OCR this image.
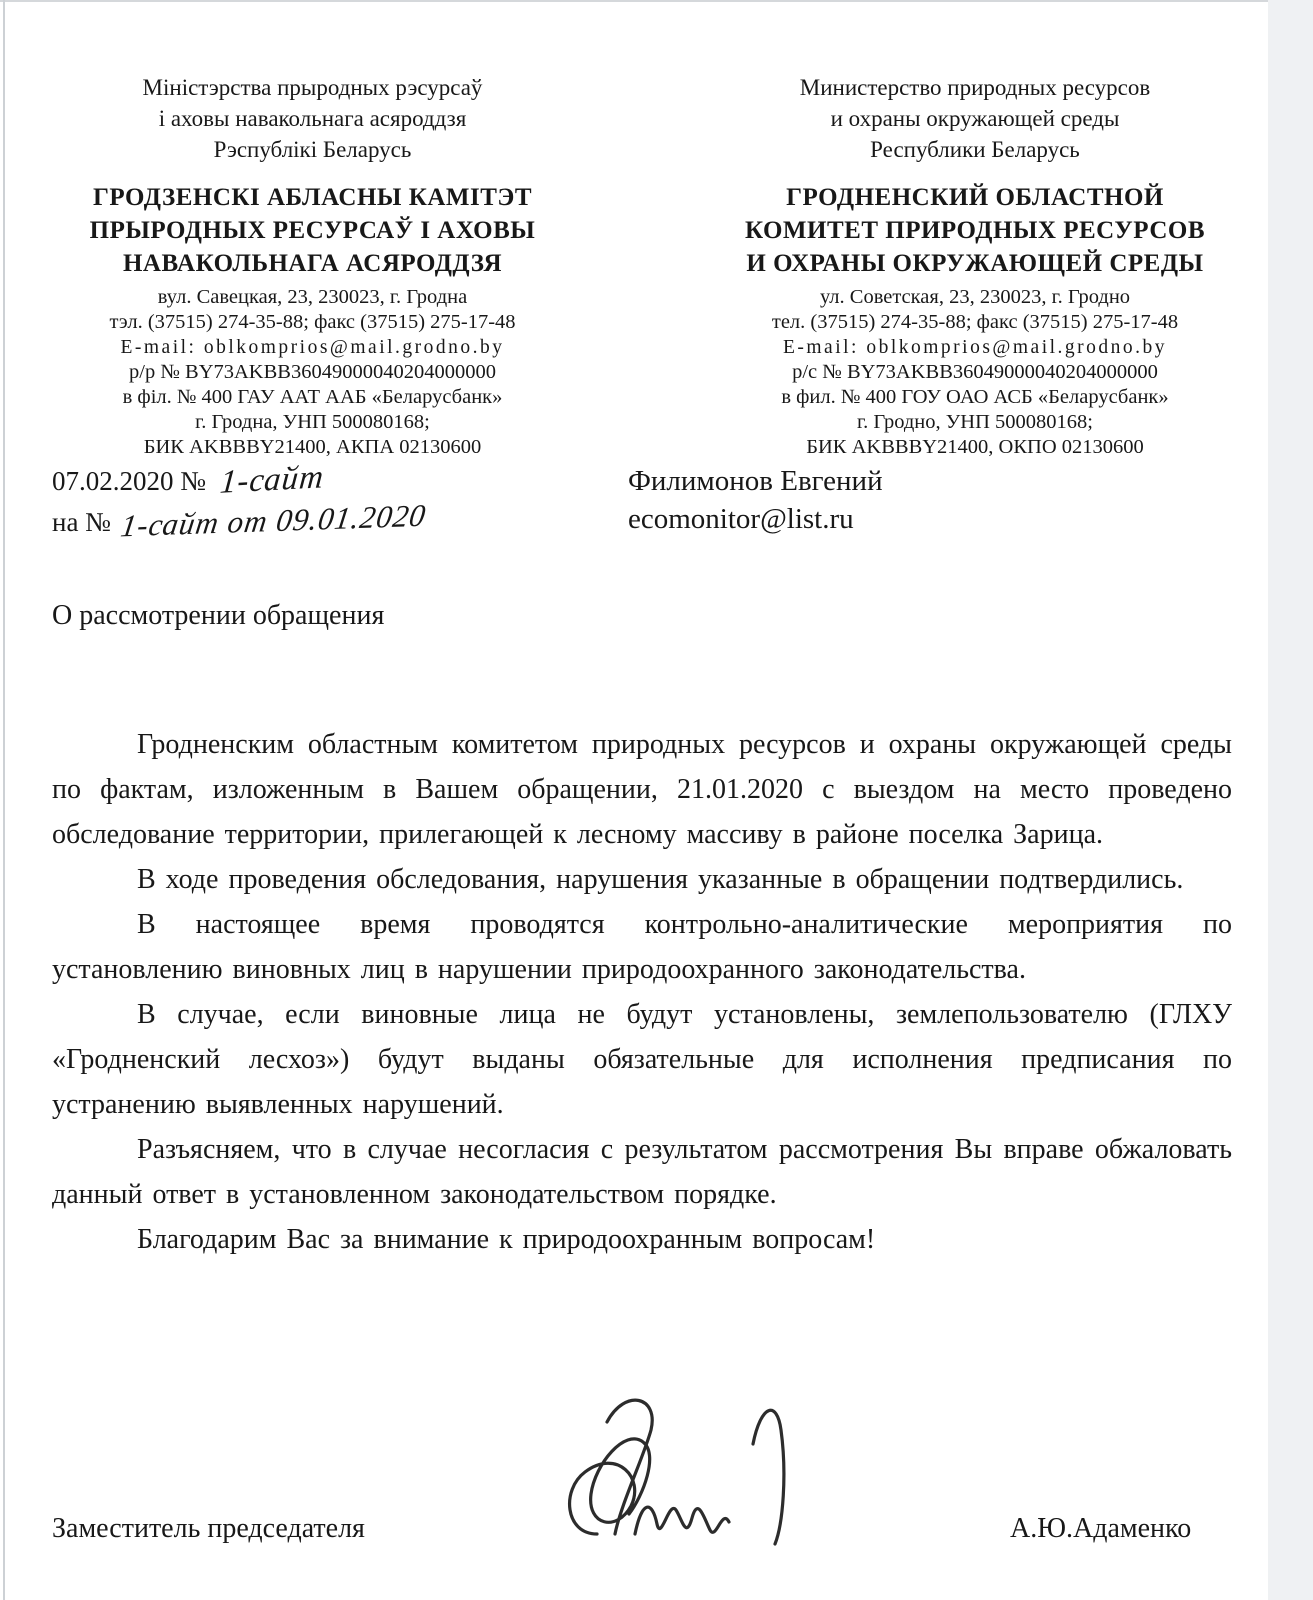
Міністэрства прыродных рэсурсаў
і аховы навакольнага асяроддзя
Рэспублікі Беларусь
ГРОДЗЕНСКІ АБЛАСНЫ КАМІТЭТ
ПРЫРОДНЫХ РЕСУРСАЎ І АХОВЫ
НАВАКОЛЬНАГА АСЯРОДДЗЯ
вул. Савецкая, 23, 230023, г. Гродна
тэл. (37515) 274-35-88; факс (37515) 275-17-48
E-mail: oblkomprios@mail.grodno.by
р/р № BY73AKBB36049000040204000000
в філ. № 400 ГАУ ААТ ААБ «Беларусбанк»
г. Гродна, УНП 500080168;
БИК AKBBBY21400, АКПА 02130600
Министерство природных ресурсов
и охраны окружающей среды
Республики Беларусь
ГРОДНЕНСКИЙ ОБЛАСТНОЙ
КОМИТЕТ ПРИРОДНЫХ РЕСУРСОВ
И ОХРАНЫ ОКРУЖАЮЩЕЙ СРЕДЫ
ул. Советская, 23, 230023, г. Гродно
тел. (37515) 274-35-88; факс (37515) 275-17-48
E-mail: oblkomprios@mail.grodno.by
р/с № BY73AKBB36049000040204000000
в фил. № 400 ГОУ ОАО АСБ «Беларусбанк»
г. Гродно, УНП 500080168;
БИК AKBBBY21400, ОКПО 02130600
07.02.2020 № 1-сайт
на № 1-сайт от 09.01.2020
Филимонов Евгений
ecomonitor@list.ru
О рассмотрении обращения

Гродненским областным комитетом природных ресурсов и охраны окружающей среды по фактам, изложенным в Вашем обращении, 21.01.2020 с выездом на место проведено обследование территории, прилегающей к лесному массиву в районе поселка Зарица.

В ходе проведения обследования, нарушения указанные в обращении подтвердились.

В настоящее время проводятся контрольно-аналитические мероприятия по установлению виновных лиц в нарушении природоохранного законодательства.

В случае, если виновные лица не будут установлены, землепользователю (ГЛХУ «Гродненский лесхоз») будут выданы обязательные для исполнения предписания по устранению выявленных нарушений.

Разъясняем, что в случае несогласия с результатом рассмотрения Вы вправе обжаловать данный ответ в установленном законодательством порядке.

Благодарим Вас за внимание к природоохранным вопросам!

Заместитель председателя	А.Ю.Адаменко
